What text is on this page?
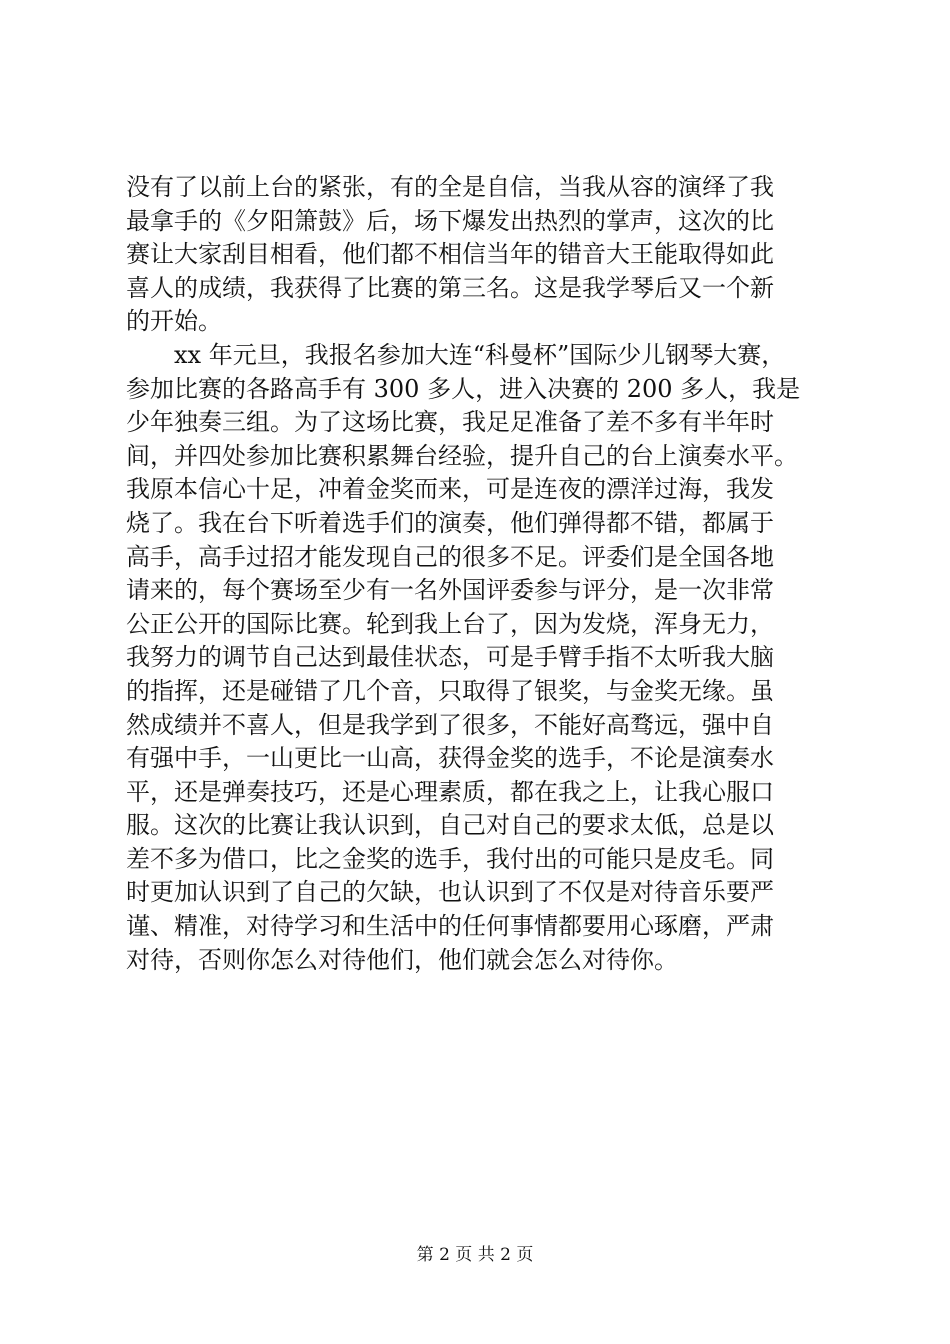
没有了以前上台的紧张，有的全是自信，当我从容的演绎了我
最拿手的《夕阳箫鼓》后，场下爆发出热烈的掌声，这次的比
赛让大家刮目相看，他们都不相信当年的错音大王能取得如此
喜人的成绩，我获得了比赛的第三名。这是我学琴后又一个新
的开始。
xx 年元旦，我报名参加大连“科曼杯”国际少儿钢琴大赛，
参加比赛的各路高手有 300 多人，进入决赛的 200 多人，我是
少年独奏三组。为了这场比赛，我足足准备了差不多有半年时
间，并四处参加比赛积累舞台经验，提升自己的台上演奏水平。
我原本信心十足，冲着金奖而来，可是连夜的漂洋过海，我发
烧了。我在台下听着选手们的演奏，他们弹得都不错，都属于
高手，高手过招才能发现自己的很多不足。评委们是全国各地
请来的，每个赛场至少有一名外国评委参与评分，是一次非常
公正公开的国际比赛。轮到我上台了，因为发烧，浑身无力，
我努力的调节自己达到最佳状态，可是手臂手指不太听我大脑
的指挥，还是碰错了几个音，只取得了银奖，与金奖无缘。虽
然成绩并不喜人，但是我学到了很多，不能好高骛远，强中自
有强中手，一山更比一山高，获得金奖的选手，不论是演奏水
平，还是弹奏技巧，还是心理素质，都在我之上，让我心服口
服。这次的比赛让我认识到，自己对自己的要求太低，总是以
差不多为借口，比之金奖的选手，我付出的可能只是皮毛。同
时更加认识到了自己的欠缺，也认识到了不仅是对待音乐要严
谨、精准，对待学习和生活中的任何事情都要用心琢磨，严肃
对待，否则你怎么对待他们，他们就会怎么对待你。
第 2 页 共 2 页
